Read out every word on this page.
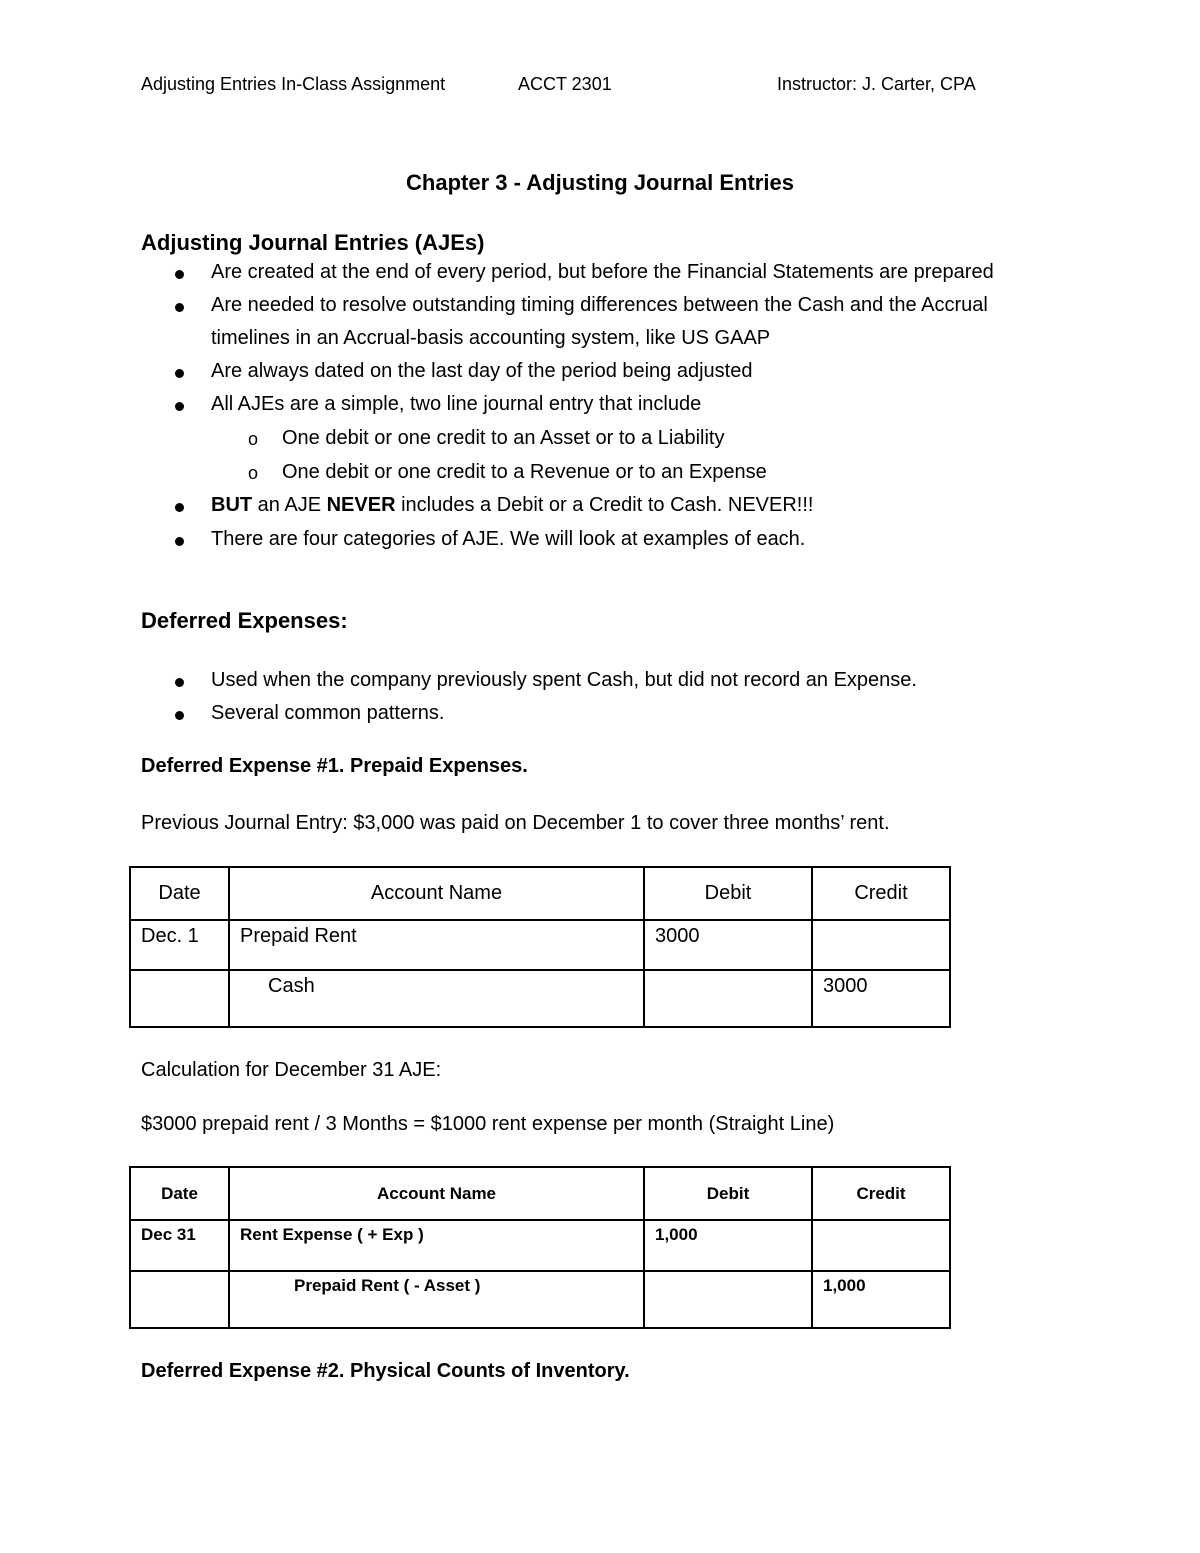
Adjusting Entries In-Class Assignment	ACCT 2301	Instructor: J. Carter, CPA
Chapter 3 - Adjusting Journal Entries
Adjusting Journal Entries (AJEs)
Are created at the end of every period, but before the Financial Statements are prepared
Are needed to resolve outstanding timing differences between the Cash and the Accrual
timelines in an Accrual-basis accounting system, like US GAAP
Are always dated on the last day of the period being adjusted
All AJEs are a simple, two line journal entry that include
o One debit or one credit to an Asset or to a Liability
o One debit or one credit to a Revenue or to an Expense
BUT an AJE NEVER includes a Debit or a Credit to Cash. NEVER!!!
There are four categories of AJE. We will look at examples of each.
Deferred Expenses:
Used when the company previously spent Cash, but did not record an Expense.
Several common patterns.
Deferred Expense #1. Prepaid Expenses.
Previous Journal Entry: $3,000 was paid on December 1 to cover three months’ rent.
Date	Account Name	Debit	Credit
Dec. 1	Prepaid Rent	3000	
	Cash		3000
Calculation for December 31 AJE:
$3000 prepaid rent / 3 Months = $1000 rent expense per month (Straight Line)
Date	Account Name	Debit	Credit
Dec 31	Rent Expense ( + Exp )	1,000	
	Prepaid Rent ( - Asset )		1,000
Deferred Expense #2. Physical Counts of Inventory.
